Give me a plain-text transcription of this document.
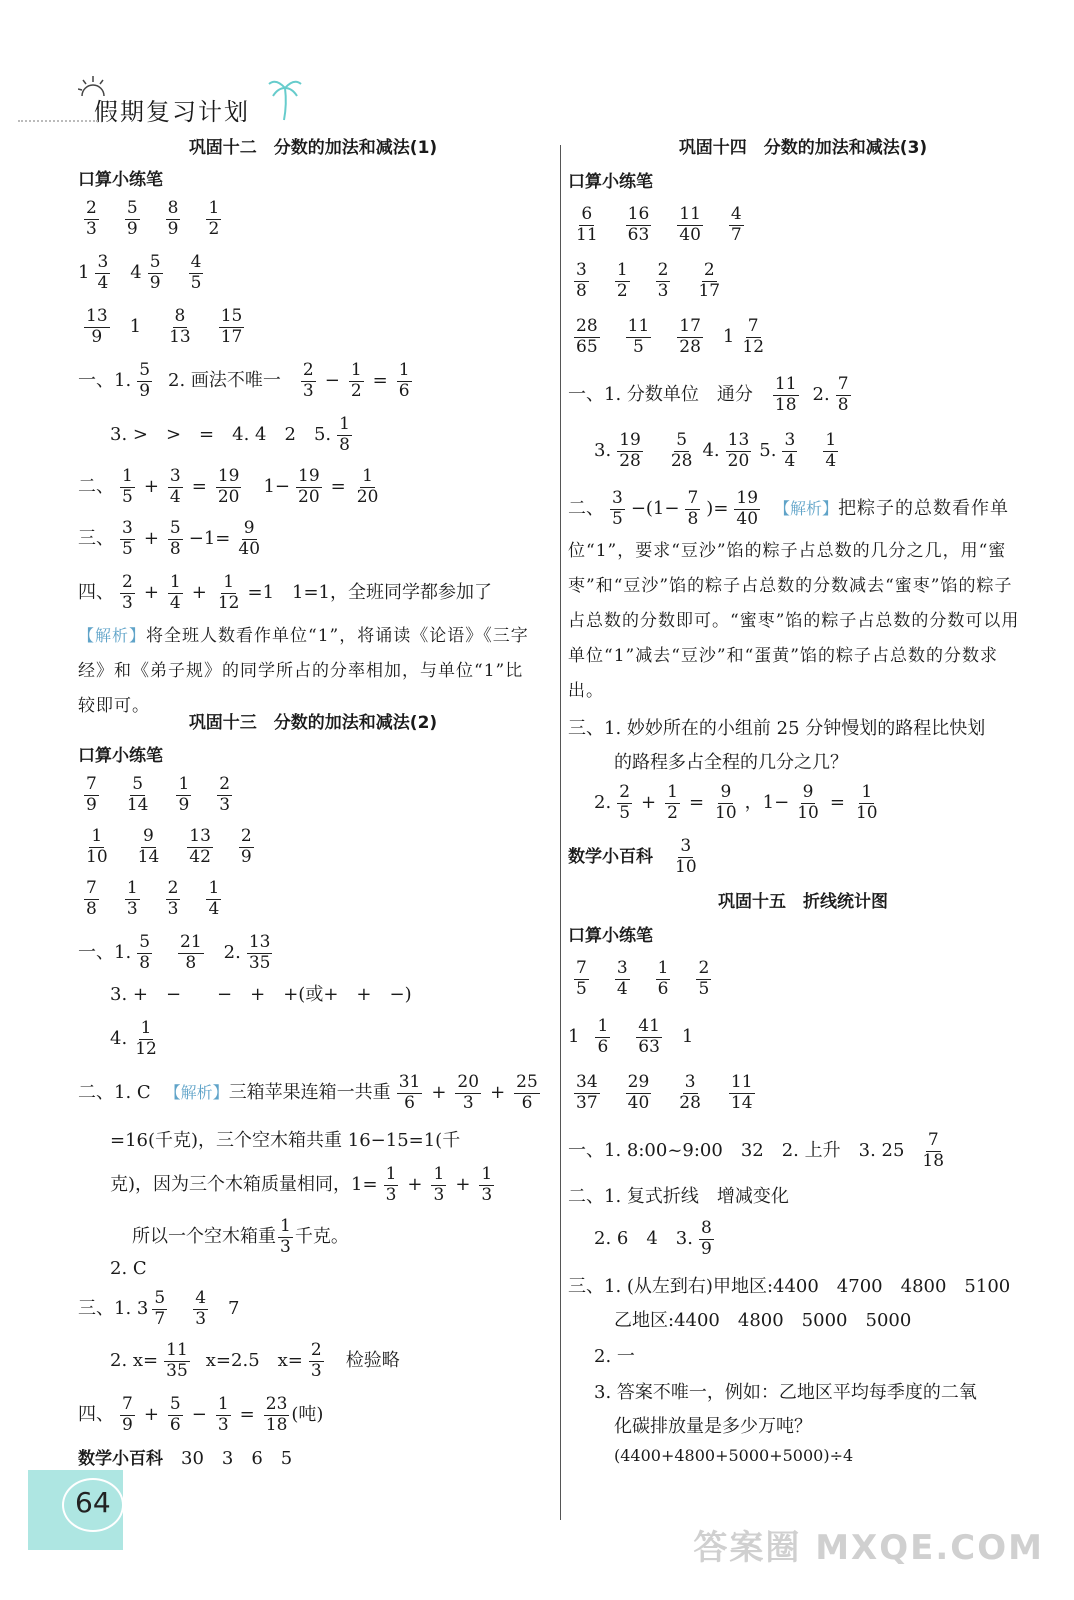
假期复习计划
巩固十二　分数的加法和减法(1)
口算小练笔
$\frac{2}{3} \frac{5}{9} \frac{8}{9} \frac{1}{2}$
$1 \frac{3}{4} 4 \frac{5}{9} \frac{4}{5}$
$\frac{13}{9} 1 \frac{8}{13} \frac{15}{17}$
一、1. $\frac{5}{9} 2$. 画法不唯一 $\frac{2}{3} - \frac{1}{2} = \frac{1}{6}$
3. >　>　=　4. 4　2　5. $\frac{1}{8}$
二、 $\frac{1}{5} + \frac{3}{4} = \frac{19}{20} 1- \frac{19}{20} = \frac{1}{20}$
三、 $\frac{3}{5} + \frac{5}{8} -1= \frac{9}{40}$
四、 $\frac{2}{3} + \frac{1}{4} + \frac{1}{12} =1$　1=1，全班同学都参加了
【解析】将全班人数看作单位“1”，将诵读《论语》《三字经》和《弟子规》的同学所占的分率相加，与单位“1”比较即可。
巩固十三　分数的加法和减法(2)
口算小练笔
$\frac{7}{9} \frac{5}{14} \frac{1}{9} \frac{2}{3}$
$\frac{1}{10} \frac{9}{14} \frac{13}{42} \frac{2}{9}$
$\frac{7}{8} \frac{1}{3} \frac{2}{3} \frac{1}{4}$
一、1. $\frac{5}{8} \frac{21}{8} 2$. $\frac{13}{35}$
3. +　−　　−　+　+(或+　+　−)
4. $\frac{1}{12}$
二、1. C 【解析】 三箱苹果连箱一共重 $\frac{31}{6} + \frac{20}{3} + \frac{25}{6}$
=16(千克)，三个空木箱共重 16−15=1(千
克)，因为三个木箱质量相同，$1= \frac{1}{3} + \frac{1}{3} + \frac{1}{3}$
所以一个空木箱重 $\frac{1}{3}$ 千克。
2. C
三、1. $3 \frac{5}{7} \frac{4}{3} 7$
2. $x= \frac{11}{35} x=2.5$　$x= \frac{2}{3}$ 检验略
四、 $\frac{7}{9} + \frac{5}{6} - \frac{1}{3} = \frac{23}{18}$ (吨)
数学小百科 30　3　6　5
巩固十四　分数的加法和减法(3)
口算小练笔
$\frac{6}{11} \frac{16}{63} \frac{11}{40} \frac{4}{7}$
$\frac{3}{8} \frac{1}{2} \frac{2}{3} \frac{2}{17}$
$\frac{28}{65} \frac{11}{5} \frac{17}{28} 1 \frac{7}{12}$
一、1. 分数单位　通分 $\frac{11}{18} 2$. $\frac{7}{8}$
3. $\frac{19}{28} \frac{5}{28} 4$. $\frac{13}{20} 5$. $\frac{3}{4} \frac{1}{4}$
二、 $\frac{3}{5} -(1- \frac{7}{8}$ )= $\frac{19}{40}$ 【解析】 把粽子的总数看作单
位“1”，要求“豆沙”馅的粽子占总数的几分之几，用“蜜枣”和“豆沙”馅的粽子占总数的分数减去“蜜枣”馅的粽子占总数的分数即可。“蜜枣”馅的粽子占总数的分数可以用单位“1”减去“豆沙”和“蛋黄”馅的粽子占总数的分数求出。
三、1. 妙妙所在的小组前 25 分钟慢划的路程比快划
的路程多占全程的几分之几？
2. $\frac{2}{5} + \frac{1}{2} = \frac{9}{10}$ ，$1- \frac{9}{10} = \frac{1}{10}$
数学小百科 $\frac{3}{10}$
巩固十五　折线统计图
口算小练笔
$\frac{7}{5} \frac{3}{4} \frac{1}{6} \frac{2}{5}$
$1 \frac{1}{6} \frac{41}{63} 1$
$\frac{34}{37} \frac{29}{40} \frac{3}{28} \frac{11}{14}$
一、1. 8:00~9:00　32　2. 上升　3. $25 \frac{7}{18}$
二、1. 复式折线　增减变化
2. 6　4　3. $\frac{8}{9}$
三、1. (从左到右)甲地区:4400　4700　4800　5100
乙地区:4400　4800　5000　5000
2. 一
3. 答案不唯一，例如：乙地区平均每季度的二氧
化碳排放量是多少万吨？
(4400+4800+5000+5000)÷4
64
答案圈 MXQE.COM
